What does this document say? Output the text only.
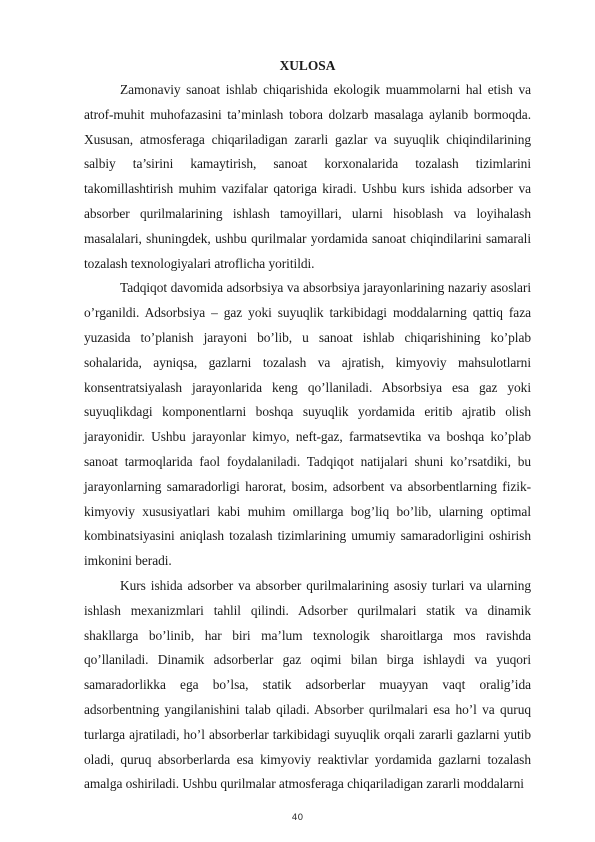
XULOSA

Zamonaviy sanoat ishlab chiqarishida ekologik muammolarni hal etish va atrof-muhit muhofazasini ta’minlash tobora dolzarb masalaga aylanib bormoqda. Xususan, atmosferaga chiqariladigan zararli gazlar va suyuqlik chiqindilarining salbiy ta’sirini kamaytirish, sanoat korxonalarida tozalash tizimlarini takomillashtirish muhim vazifalar qatoriga kiradi. Ushbu kurs ishida adsorber va absorber qurilmalarining ishlash tamoyillari, ularni hisoblash va loyihalash masalalari, shuningdek, ushbu qurilmalar yordamida sanoat chiqindilarini samarali tozalash texnologiyalari atroflicha yoritildi.

Tadqiqot davomida adsorbsiya va absorbsiya jarayonlarining nazariy asoslari o’rganildi. Adsorbsiya – gaz yoki suyuqlik tarkibidagi moddalarning qattiq faza yuzasida to’planish jarayoni bo’lib, u sanoat ishlab chiqarishining ko’plab sohalarida, ayniqsa, gazlarni tozalash va ajratish, kimyoviy mahsulotlarni konsentratsiyalash jarayonlarida keng qo’llaniladi. Absorbsiya esa gaz yoki suyuqlikdagi komponentlarni boshqa suyuqlik yordamida eritib ajratib olish jarayonidir. Ushbu jarayonlar kimyo, neft-gaz, farmatsevtika va boshqa ko’plab sanoat tarmoqlarida faol foydalaniladi. Tadqiqot natijalari shuni ko’rsatdiki, bu jarayonlarning samaradorligi harorat, bosim, adsorbent va absorbentlarning fizik-kimyoviy xususiyatlari kabi muhim omillarga bog’liq bo’lib, ularning optimal kombinatsiyasini aniqlash tozalash tizimlarining umumiy samaradorligini oshirish imkonini beradi.

Kurs ishida adsorber va absorber qurilmalarining asosiy turlari va ularning ishlash mexanizmlari tahlil qilindi. Adsorber qurilmalari statik va dinamik shakllarga bo’linib, har biri ma’lum texnologik sharoitlarga mos ravishda qo’llaniladi. Dinamik adsorberlar gaz oqimi bilan birga ishlaydi va yuqori samaradorlikka ega bo’lsa, statik adsorberlar muayyan vaqt oralig’ida adsorbentning yangilanishini talab qiladi. Absorber qurilmalari esa ho’l va quruq turlarga ajratiladi, ho’l absorberlar tarkibidagi suyuqlik orqali zararli gazlarni yutib oladi, quruq absorberlarda esa kimyoviy reaktivlar yordamida gazlarni tozalash amalga oshiriladi. Ushbu qurilmalar atmosferaga chiqariladigan zararli moddalarni

40
